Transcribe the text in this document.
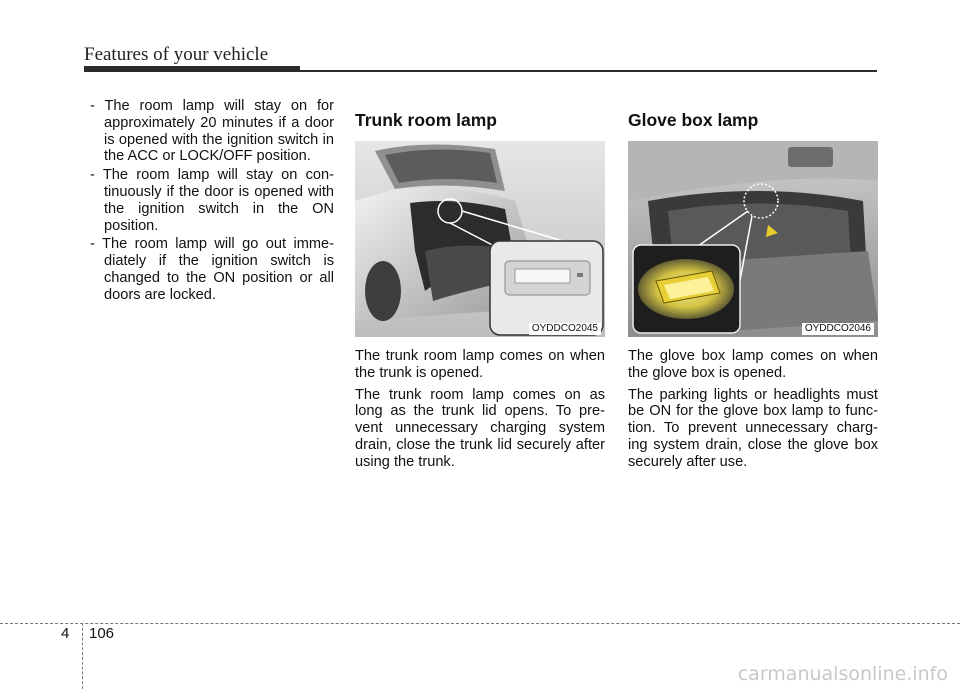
Features of your vehicle

- The room lamp will stay on for approximately 20 minutes if a door is opened with the ignition switch in the ACC or LOCK/OFF position.

- The room lamp will stay on con- tinuously if the door is opened with the ignition switch in the ON position.

- The room lamp will go out imme- diately if the ignition switch is changed to the ON position or all doors are locked.

Trunk room lamp
OYDDCO2045

The trunk room lamp comes on when the trunk is opened.

The trunk room lamp comes on as long as the trunk lid opens. To pre- vent unnecessary charging system drain, close the trunk lid securely after using the trunk.

Glove box lamp
OYDDCO2046

The glove box lamp comes on when the glove box is opened.

The parking lights or headlights must be ON for the glove box lamp to func- tion. To prevent unnecessary charg- ing system drain, close the glove box securely after use.

4 106
carmanualsonline.info
